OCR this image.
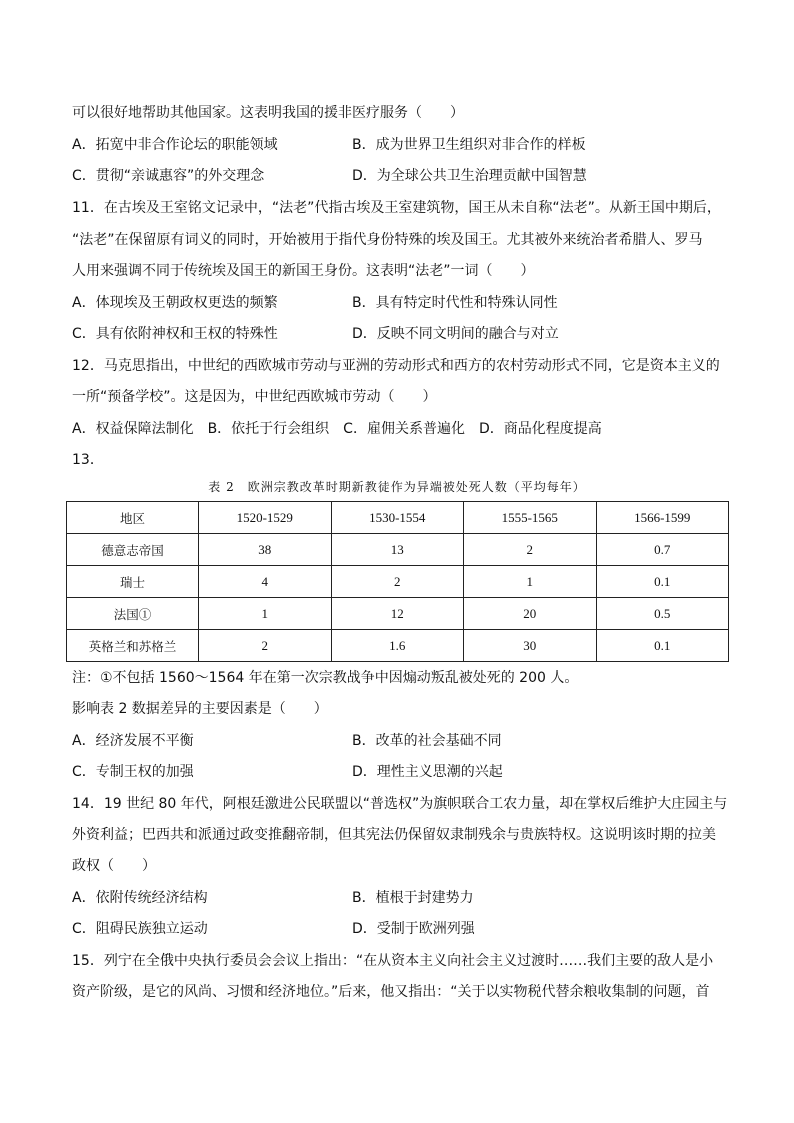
可以很好地帮助其他国家。这表明我国的援非医疗服务（　　）
A．拓宽中非合作论坛的职能领域	B．成为世界卫生组织对非合作的样板
C．贯彻“亲诚惠容”的外交理念	D．为全球公共卫生治理贡献中国智慧
11．在古埃及王室铭文记录中，“法老”代指古埃及王室建筑物，国王从未自称“法老”。从新王国中期后，
“法老”在保留原有词义的同时，开始被用于指代身份特殊的埃及国王。尤其被外来统治者希腊人、罗马
人用来强调不同于传统埃及国王的新国王身份。这表明“法老”一词（　　）
A．体现埃及王朝政权更迭的频繁	B．具有特定时代性和特殊认同性
C．具有依附神权和王权的特殊性	D．反映不同文明间的融合与对立
12．马克思指出，中世纪的西欧城市劳动与亚洲的劳动形式和西方的农村劳动形式不同，它是资本主义的
一所“预备学校”。这是因为，中世纪西欧城市劳动（　　）
A．权益保障法制化　B．依托于行会组织　C．雇佣关系普遍化　D．商品化程度提高
13．
表 2　欧洲宗教改革时期新教徒作为异端被处死人数（平均每年）
地区	1520-1529	1530-1554	1555-1565	1566-1599
德意志帝国	38	13	2	0.7
瑞士	4	2	1	0.1
法国①	1	12	20	0.5
英格兰和苏格兰	2	1.6	30	0.1
注：①不包括 1560～1564 年在第一次宗教战争中因煽动叛乱被处死的 200 人。
影响表 2 数据差异的主要因素是（　　）
A．经济发展不平衡	B．改革的社会基础不同
C．专制王权的加强	D．理性主义思潮的兴起
14．19 世纪 80 年代，阿根廷激进公民联盟以“普选权”为旗帜联合工农力量，却在掌权后维护大庄园主与
外资利益；巴西共和派通过政变推翻帝制，但其宪法仍保留奴隶制残余与贵族特权。这说明该时期的拉美
政权（　　）
A．依附传统经济结构	B．植根于封建势力
C．阻碍民族独立运动	D．受制于欧洲列强
15．列宁在全俄中央执行委员会会议上指出：“在从资本主义向社会主义过渡时……我们主要的敌人是小
资产阶级，是它的风尚、习惯和经济地位。”后来，他又指出：“关于以实物税代替余粮收集制的问题，首
